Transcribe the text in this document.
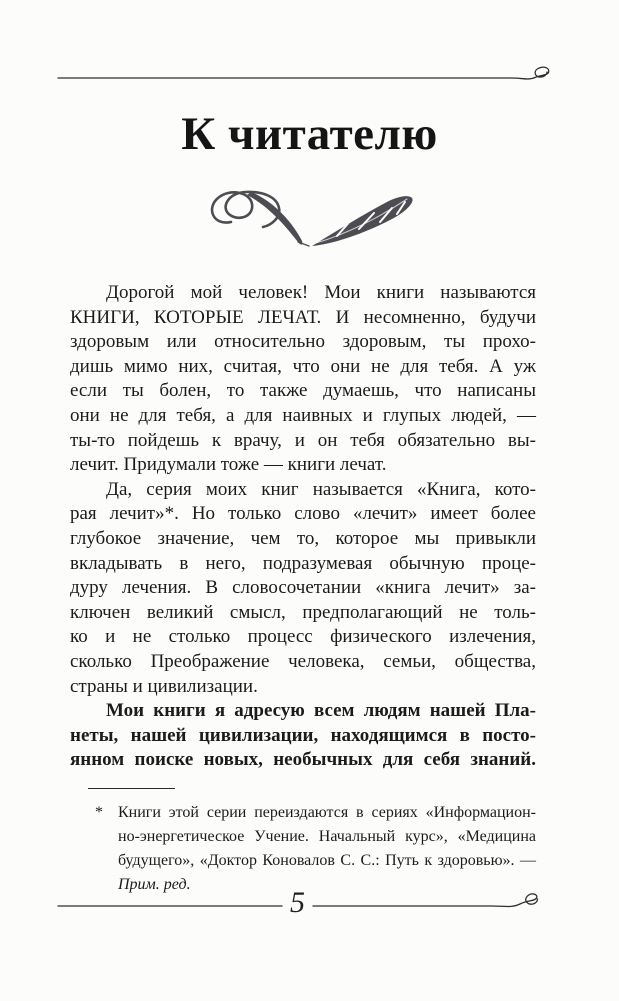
К читателю
Дорогой мой человек! Мои книги называются
КНИГИ, КОТОРЫЕ ЛЕЧАТ. И несомненно, будучи
здоровым или относительно здоровым, ты прохо-
дишь мимо них, считая, что они не для тебя. А уж
если ты болен, то также думаешь, что написаны
они не для тебя, а для наивных и глупых людей, —
ты-то пойдешь к врачу, и он тебя обязательно вы-
лечит. Придумали тоже — книги лечат.
Да, серия моих книг называется «Книга, кото-
рая лечит»*. Но только слово «лечит» имеет более
глубокое значение, чем то, которое мы привыкли
вкладывать в него, подразумевая обычную проце-
дуру лечения. В словосочетании «книга лечит» за-
ключен великий смысл, предполагающий не толь-
ко и не столько процесс физического излечения,
сколько Преображение человека, семьи, общества,
страны и цивилизации.
Мои книги я адресую всем людям нашей Пла-
неты, нашей цивилизации, находящимся в посто-
янном поиске новых, необычных для себя знаний.
* Книги этой серии переиздаются в сериях «Информацион-
но-энергетическое Учение. Начальный курс», «Медицина
будущего», «Доктор Коновалов С. С.: Путь к здоровью». —
Прим. ред.
5
